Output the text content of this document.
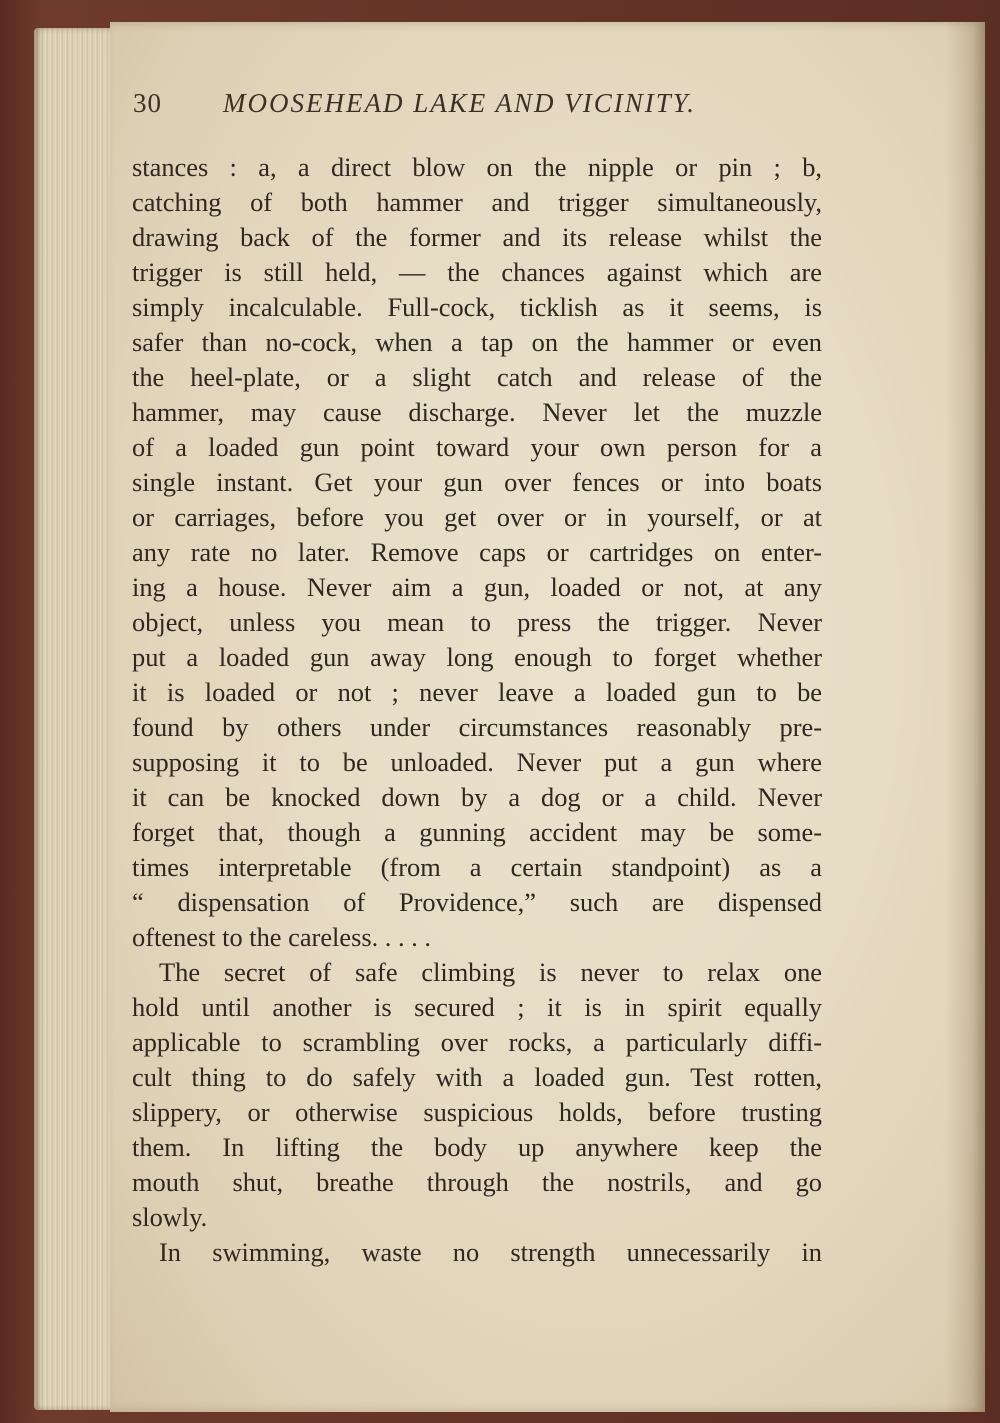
30 MOOSEHEAD LAKE AND VICINITY.
stances : a, a direct blow on the nipple or pin ; b,
catching of both hammer and trigger simultaneously,
drawing back of the former and its release whilst the
trigger is still held, — the chances against which are
simply incalculable. Full-cock, ticklish as it seems, is
safer than no-cock, when a tap on the hammer or even
the heel-plate, or a slight catch and release of the
hammer, may cause discharge. Never let the muzzle
of a loaded gun point toward your own person for a
single instant. Get your gun over fences or into boats
or carriages, before you get over or in yourself, or at
any rate no later. Remove caps or cartridges on enter-
ing a house. Never aim a gun, loaded or not, at any
object, unless you mean to press the trigger. Never
put a loaded gun away long enough to forget whether
it is loaded or not ; never leave a loaded gun to be
found by others under circumstances reasonably pre-
supposing it to be unloaded. Never put a gun where
it can be knocked down by a dog or a child. Never
forget that, though a gunning accident may be some-
times interpretable (from a certain standpoint) as a
“ dispensation of Providence,” such are dispensed
oftenest to the careless. . . . .
The secret of safe climbing is never to relax one
hold until another is secured ; it is in spirit equally
applicable to scrambling over rocks, a particularly diffi-
cult thing to do safely with a loaded gun. Test rotten,
slippery, or otherwise suspicious holds, before trusting
them. In lifting the body up anywhere keep the
mouth shut, breathe through the nostrils, and go
slowly.
In swimming, waste no strength unnecessarily in
